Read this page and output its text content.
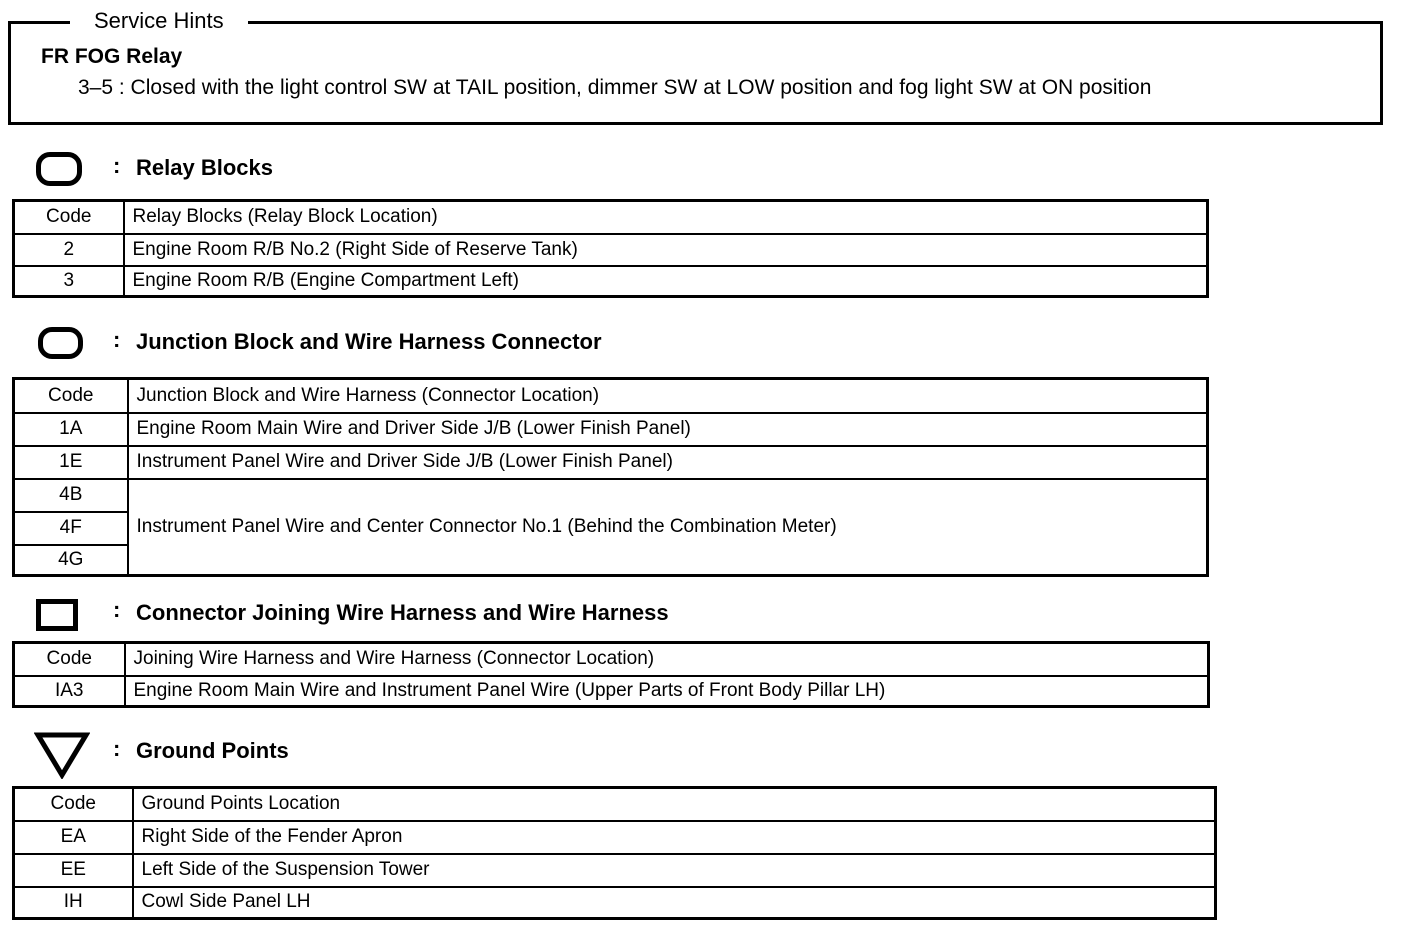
Service Hints
FR FOG Relay
3–5 : Closed with the light control SW at TAIL position, dimmer SW at LOW position and fog light SW at ON position
: Relay Blocks
Code	Relay Blocks (Relay Block Location)
2	Engine Room R/B No.2 (Right Side of Reserve Tank)
3	Engine Room R/B (Engine Compartment Left)
: Junction Block and Wire Harness Connector
Code	Junction Block and Wire Harness (Connector Location)
1A	Engine Room Main Wire and Driver Side J/B (Lower Finish Panel)
1E	Instrument Panel Wire and Driver Side J/B (Lower Finish Panel)
4B	Instrument Panel Wire and Center Connector No.1 (Behind the Combination Meter)
4F	
4G	
: Connector Joining Wire Harness and Wire Harness
Code	Joining Wire Harness and Wire Harness (Connector Location)
IA3	Engine Room Main Wire and Instrument Panel Wire (Upper Parts of Front Body Pillar LH)
: Ground Points
Code	Ground Points Location
EA	Right Side of the Fender Apron
EE	Left Side of the Suspension Tower
IH	Cowl Side Panel LH
